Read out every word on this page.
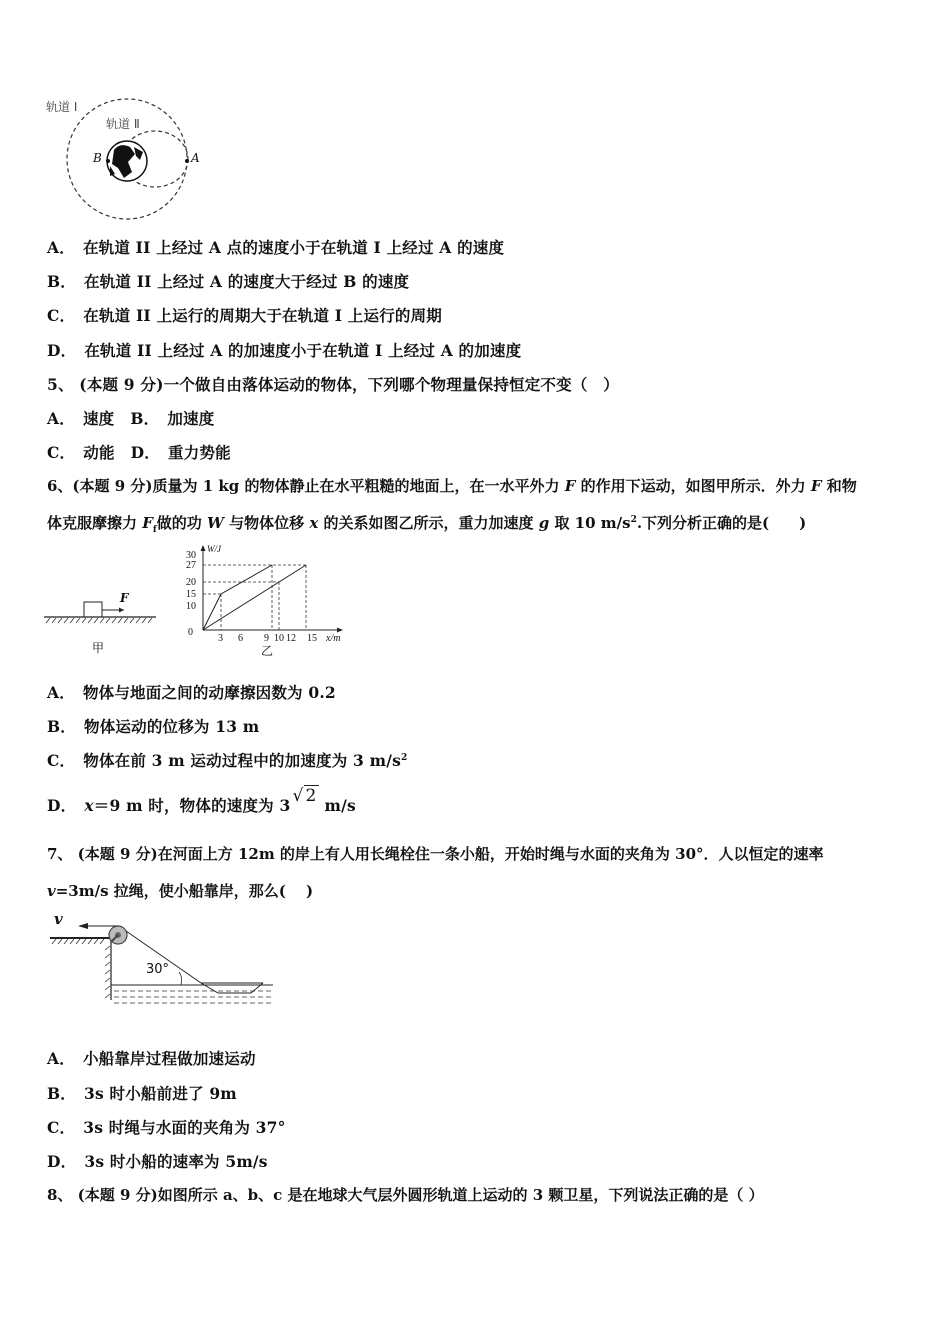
轨道 Ⅰ
轨道 Ⅱ
B	A
A． 在轨道 II 上经过 A 点的速度小于在轨道 I 上经过 A 的速度
B． 在轨道 II 上经过 A 的速度大于经过 B 的速度
C． 在轨道 II 上运行的周期大于在轨道 I 上运行的周期
D． 在轨道 II 上经过 A 的加速度小于在轨道 I 上经过 A 的加速度
5、 (本题 9 分)一个做自由落体运动的物体，下列哪个物理量保持恒定不变（　）
A． 速度 B． 加速度
C． 动能 D． 重力势能
6、(本题 9 分)质量为 1 kg 的物体静止在水平粗糙的地面上，在一水平外力 F 的作用下运动，如图甲所示．外力 F 和物
体克服摩擦力 $F_f$做的功 W 与物体位移 x 的关系如图乙所示，重力加速度 g 取 10 $m/s^2$.下列分析正确的是(　　)
F
甲
30
27
20
15
10
0
3 6 9 10 12 15 x/m
W/J
乙
A． 物体与地面之间的动摩擦因数为 0.2
B． 物体运动的位移为 13 m
C． 物体在前 3 m 运动过程中的加速度为 3 $m/s^2$
D． x＝9 m 时，物体的速度为 3 √ 2 m/s
7、 (本题 9 分)在河面上方 12m 的岸上有人用长绳栓住一条小船，开始时绳与水面的夹角为 30°．人以恒定的速率
v=3m/s 拉绳，使小船靠岸，那么(　 )
v
30°
A． 小船靠岸过程做加速运动
B． 3s 时小船前进了 9m
C． 3s 时绳与水面的夹角为 37°
D． 3s 时小船的速率为 5m/s
8、 (本题 9 分)如图所示 a、b、c 是在地球大气层外圆形轨道上运动的 3 颗卫星，下列说法正确的是（ ）
